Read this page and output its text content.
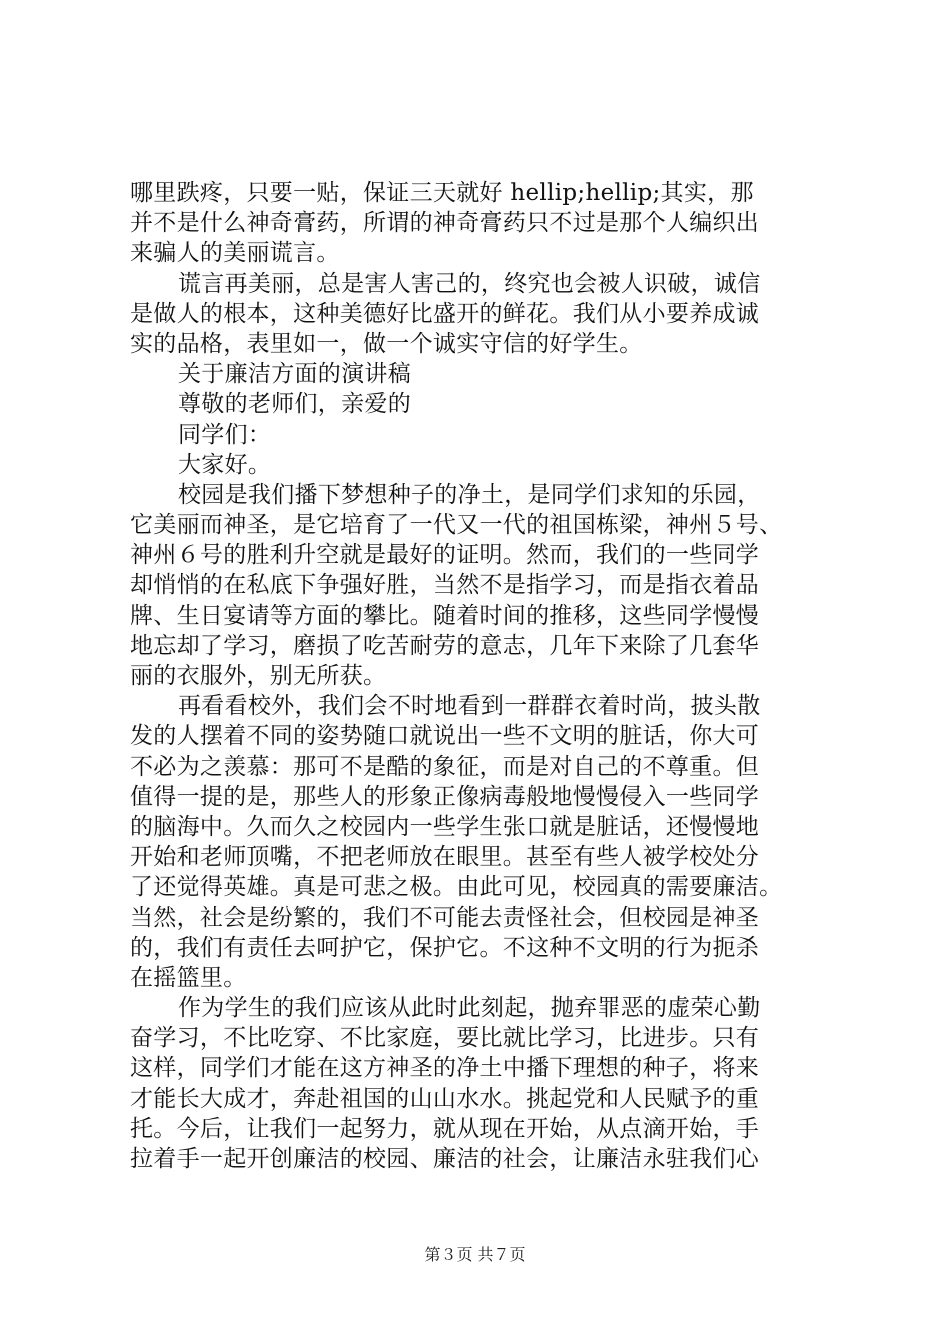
哪里跌疼，只要一贴，保证三天就好 hellip;hellip;其实，那
并不是什么神奇膏药，所谓的神奇膏药只不过是那个人编织出
来骗人的美丽谎言。
谎言再美丽，总是害人害己的，终究也会被人识破，诚信
是做人的根本，这种美德好比盛开的鲜花。我们从小要养成诚
实的品格，表里如一，做一个诚实守信的好学生。
关于廉洁方面的演讲稿
尊敬的老师们，亲爱的
同学们：
大家好。
校园是我们播下梦想种子的净土，是同学们求知的乐园，
它美丽而神圣，是它培育了一代又一代的祖国栋梁，神州５号、
神州６号的胜利升空就是最好的证明。然而，我们的一些同学
却悄悄的在私底下争强好胜，当然不是指学习，而是指衣着品
牌、生日宴请等方面的攀比。随着时间的推移，这些同学慢慢
地忘却了学习，磨损了吃苦耐劳的意志，几年下来除了几套华
丽的衣服外，别无所获。
再看看校外，我们会不时地看到一群群衣着时尚，披头散
发的人摆着不同的姿势随口就说出一些不文明的脏话，你大可
不必为之羡慕：那可不是酷的象征，而是对自己的不尊重。但
值得一提的是，那些人的形象正像病毒般地慢慢侵入一些同学
的脑海中。久而久之校园内一些学生张口就是脏话，还慢慢地
开始和老师顶嘴，不把老师放在眼里。甚至有些人被学校处分
了还觉得英雄。真是可悲之极。由此可见，校园真的需要廉洁。
当然，社会是纷繁的，我们不可能去责怪社会，但校园是神圣
的，我们有责任去呵护它，保护它。不这种不文明的行为扼杀
在摇篮里。
作为学生的我们应该从此时此刻起，抛弃罪恶的虚荣心勤
奋学习，不比吃穿、不比家庭，要比就比学习，比进步。只有
这样，同学们才能在这方神圣的净土中播下理想的种子，将来
才能长大成才，奔赴祖国的山山水水。挑起党和人民赋予的重
托。今后，让我们一起努力，就从现在开始，从点滴开始，手
拉着手一起开创廉洁的校园、廉洁的社会，让廉洁永驻我们心
第３页 共７页
